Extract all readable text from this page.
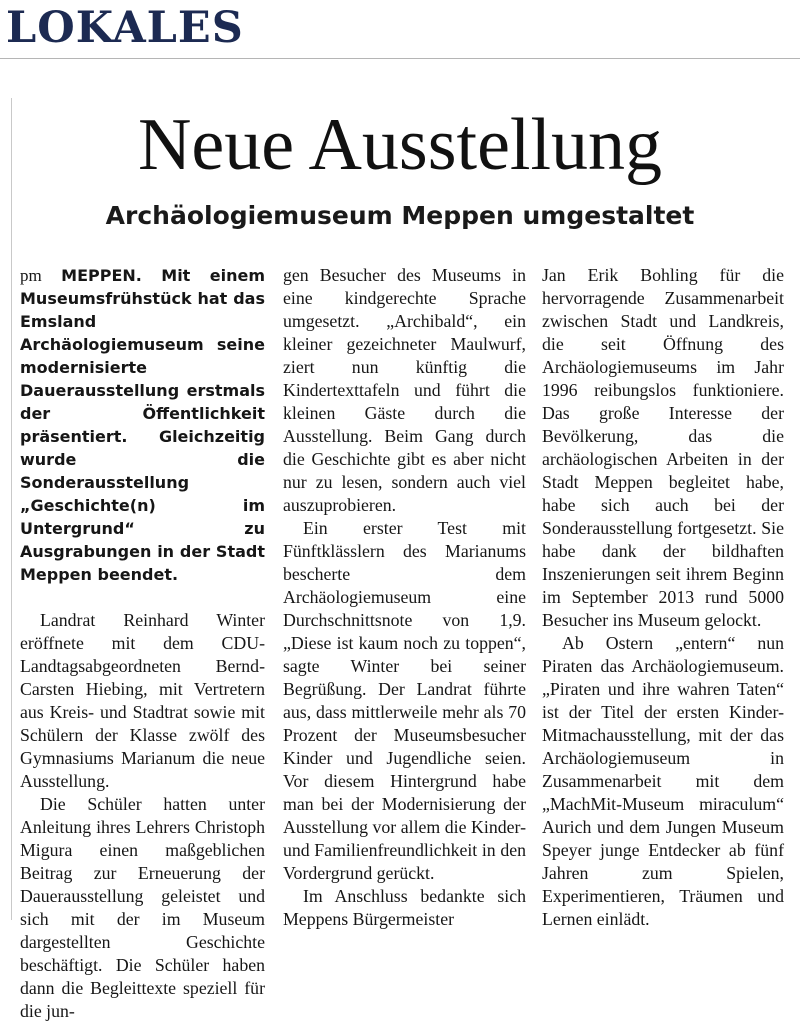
LOKALES
Neue Ausstellung
Archäologiemuseum Meppen umgestaltet

pm MEPPEN. Mit einem Museumsfrühstück hat das Emsland Archäologiemuseum seine modernisierte Dauerausstellung erstmals der Öffentlichkeit präsentiert. Gleichzeitig wurde die Sonderausstellung „Geschichte(n) im Untergrund“ zu Ausgrabungen in der Stadt Meppen beendet.

Landrat Reinhard Winter eröffnete mit dem CDU-Landtagsabgeordneten Bernd-Carsten Hiebing, mit Vertretern aus Kreis- und Stadtrat sowie mit Schülern der Klasse zwölf des Gymnasiums Marianum die neue Ausstellung.

Die Schüler hatten unter Anleitung ihres Lehrers Christoph Migura einen maßgeblichen Beitrag zur Erneuerung der Dauerausstellung geleistet und sich mit der im Museum dargestellten Geschichte beschäftigt. Die Schüler haben dann die Begleittexte speziell für die jun-

gen Besucher des Museums in eine kindgerechte Sprache umgesetzt. „Archibald“, ein kleiner gezeichneter Maulwurf, ziert nun künftig die Kindertexttafeln und führt die kleinen Gäste durch die Ausstellung. Beim Gang durch die Geschichte gibt es aber nicht nur zu lesen, sondern auch viel auszuprobieren.

Ein erster Test mit Fünftklässlern des Marianums bescherte dem Archäologiemuseum eine Durchschnittsnote von 1,9. „Diese ist kaum noch zu toppen“, sagte Winter bei seiner Begrüßung. Der Landrat führte aus, dass mittlerweile mehr als 70 Prozent der Museumsbesucher Kinder und Jugendliche seien. Vor diesem Hintergrund habe man bei der Modernisierung der Ausstellung vor allem die Kinder- und Familienfreundlichkeit in den Vordergrund gerückt.

Im Anschluss bedankte sich Meppens Bürgermeister

Jan Erik Bohling für die hervorragende Zusammenarbeit zwischen Stadt und Landkreis, die seit Öffnung des Archäologiemuseums im Jahr 1996 reibungslos funktioniere. Das große Interesse der Bevölkerung, das die archäologischen Arbeiten in der Stadt Meppen begleitet habe, habe sich auch bei der Sonderausstellung fortgesetzt. Sie habe dank der bildhaften Inszenierungen seit ihrem Beginn im September 2013 rund 5000 Besucher ins Museum gelockt.

Ab Ostern „entern“ nun Piraten das Archäologiemuseum. „Piraten und ihre wahren Taten“ ist der Titel der ersten Kinder-Mitmachausstellung, mit der das Archäologiemuseum in Zusammenarbeit mit dem „MachMit-Museum miraculum“ Aurich und dem Jungen Museum Speyer junge Entdecker ab fünf Jahren zum Spielen, Experimentieren, Träumen und Lernen einlädt.
